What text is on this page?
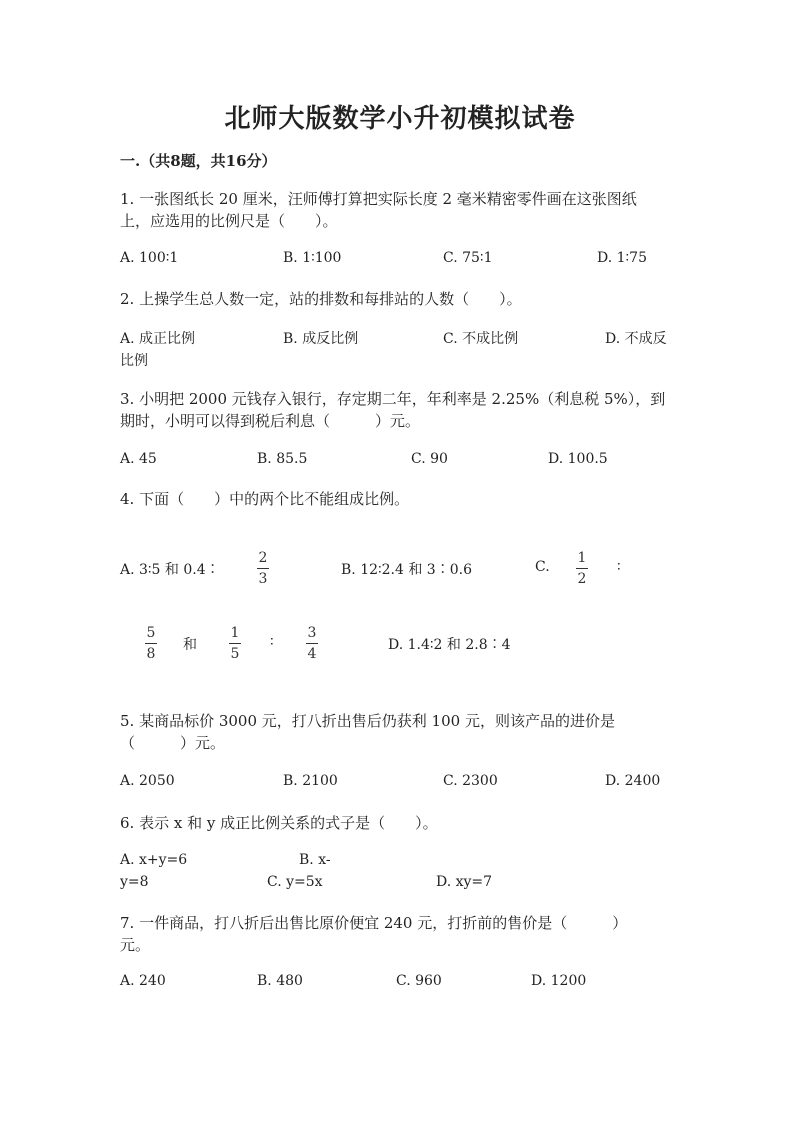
北师大版数学小升初模拟试卷
一.（共8题，共16分）
1. 一张图纸长 20 厘米，汪师傅打算把实际长度 2 毫米精密零件画在这张图纸
上，应选用的比例尺是（　　）。
A. 100∶1	B. 1∶100	C. 75∶1	D. 1∶75
2. 上操学生总人数一定，站的排数和每排站的人数（　　）。
A. 成正比例	B. 成反比例	C. 不成比例	D. 不成反
比例
3. 小明把 2000 元钱存入银行，存定期二年，年利率是 2.25%（利息税 5%），到
期时，小明可以得到税后利息（　　　）元。
A. 45	B. 85.5	C. 90	D. 100.5
4. 下面（　　）中的两个比不能组成比例。
A. 3∶5 和 0.4∶
2
3
B. 12∶2.4 和 3∶0.6	C.
1
2
∶
5
8
和
1
5
∶
3
4
D. 1.4∶2 和 2.8∶4
5. 某商品标价 3000 元，打八折出售后仍获利 100 元，则该产品的进价是
（　　　）元。
A. 2050	B. 2100	C. 2300	D. 2400
6. 表示 x 和 y 成正比例关系的式子是（　　）。
A. x+y=6	B. x-
y=8	C. y=5x	D. xy=7
7. 一件商品，打八折后出售比原价便宜 240 元，打折前的售价是（　　　）
元。
A. 240	B. 480	C. 960	D. 1200
